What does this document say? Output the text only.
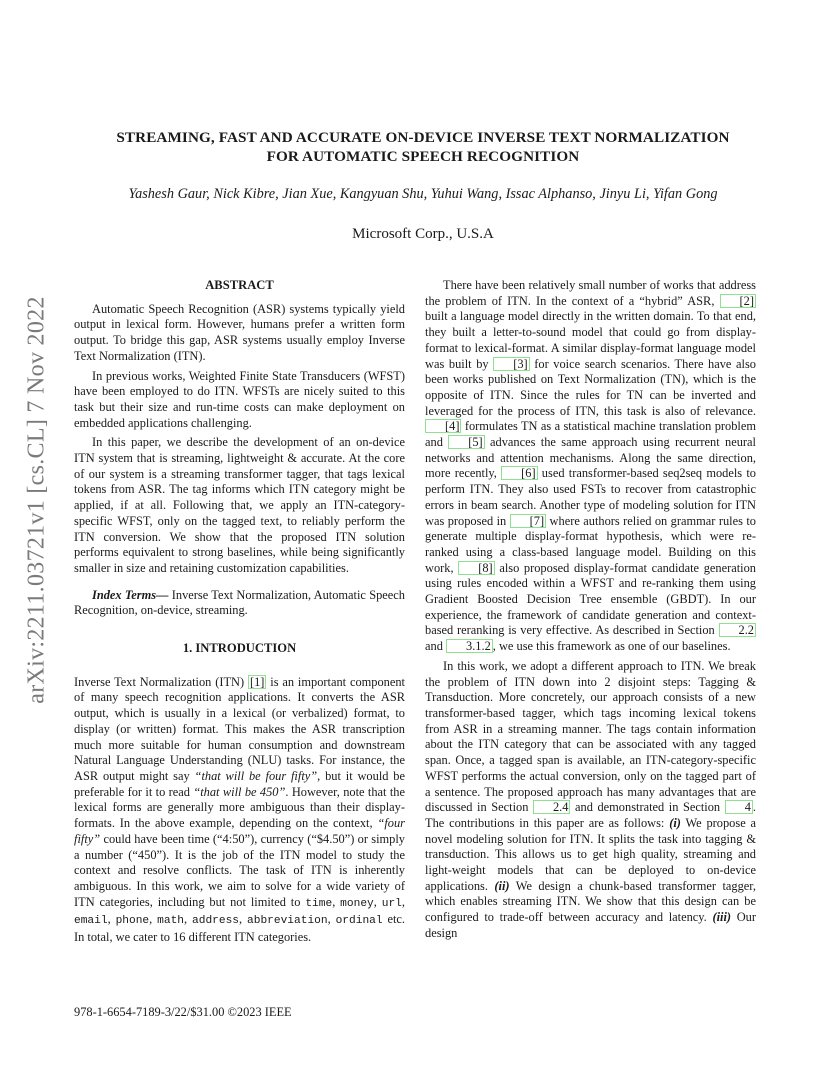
arXiv:2211.03721v1 [cs.CL] 7 Nov 2022
STREAMING, FAST AND ACCURATE ON-DEVICE INVERSE TEXT NORMALIZATION
FOR AUTOMATIC SPEECH RECOGNITION
Yashesh Gaur, Nick Kibre, Jian Xue, Kangyuan Shu, Yuhui Wang, Issac Alphanso, Jinyu Li, Yifan Gong
Microsoft Corp., U.S.A
ABSTRACT

Automatic Speech Recognition (ASR) systems typically yield output in lexical form. However, humans prefer a written form output. To bridge this gap, ASR systems usually employ Inverse Text Normalization (ITN).

In previous works, Weighted Finite State Transducers (WFST) have been employed to do ITN. WFSTs are nicely suited to this task but their size and run-time costs can make deployment on embedded applications challenging.

In this paper, we describe the development of an on-device ITN system that is streaming, lightweight & accurate. At the core of our system is a streaming transformer tagger, that tags lexical tokens from ASR. The tag informs which ITN category might be applied, if at all. Following that, we apply an ITN-category-specific WFST, only on the tagged text, to reliably perform the ITN conversion. We show that the proposed ITN solution performs equivalent to strong baselines, while being significantly smaller in size and retaining customization capabilities.

Index Terms— Inverse Text Normalization, Automatic Speech Recognition, on-device, streaming.

1. INTRODUCTION

Inverse Text Normalization (ITN) [1] is an important component of many speech recognition applications. It converts the ASR output, which is usually in a lexical (or verbalized) format, to display (or written) format. This makes the ASR transcription much more suitable for human consumption and downstream Natural Language Understanding (NLU) tasks. For instance, the ASR output might say “that will be four fifty”, but it would be preferable for it to read “that will be 450”. However, note that the lexical forms are generally more ambiguous than their display-formats. In the above example, depending on the context, “four fifty” could have been time (“4:50”), currency (“$4.50”) or simply a number (“450”). It is the job of the ITN model to study the context and resolve conflicts. The task of ITN is inherently ambiguous. In this work, we aim to solve for a wide variety of ITN categories, including but not limited to time, money, url, email, phone, math, address, abbreviation, ordinal etc. In total, we cater to 16 different ITN categories.

There have been relatively small number of works that address the problem of ITN. In the context of a “hybrid” ASR, [2] built a language model directly in the written domain. To that end, they built a letter-to-sound model that could go from display-format to lexical-format. A similar display-format language model was built by [3] for voice search scenarios. There have also been works published on Text Normalization (TN), which is the opposite of ITN. Since the rules for TN can be inverted and leveraged for the process of ITN, this task is also of relevance. [4] formulates TN as a statistical machine translation problem and [5] advances the same approach using recurrent neural networks and attention mechanisms. Along the same direction, more recently, [6] used transformer-based seq2seq models to perform ITN. They also used FSTs to recover from catastrophic errors in beam search. Another type of modeling solution for ITN was proposed in [7] where authors relied on grammar rules to generate multiple display-format hypothesis, which were re-ranked using a class-based language model. Building on this work, [8] also proposed display-format candidate generation using rules encoded within a WFST and re-ranking them using Gradient Boosted Decision Tree ensemble (GBDT). In our experience, the framework of candidate generation and context-based reranking is very effective. As described in Section 2.2 and 3.1.2 , we use this framework as one of our baselines.

In this work, we adopt a different approach to ITN. We break the problem of ITN down into 2 disjoint steps: Tagging & Transduction. More concretely, our approach consists of a new transformer-based tagger, which tags incoming lexical tokens from ASR in a streaming manner. The tags contain information about the ITN category that can be associated with any tagged span. Once, a tagged span is available, an ITN-category-specific WFST performs the actual conversion, only on the tagged part of a sentence. The proposed approach has many advantages that are discussed in Section 2.4 and demonstrated in Section 4 . The contributions in this paper are as follows: (i) We propose a novel modeling solution for ITN. It splits the task into tagging & transduction. This allows us to get high quality, streaming and light-weight models that can be deployed to on-device applications. (ii) We design a chunk-based transformer tagger, which enables streaming ITN. We show that this design can be configured to trade-off between accuracy and latency. (iii) Our design

978-1-6654-7189-3/22/$31.00 ©2023 IEEE
